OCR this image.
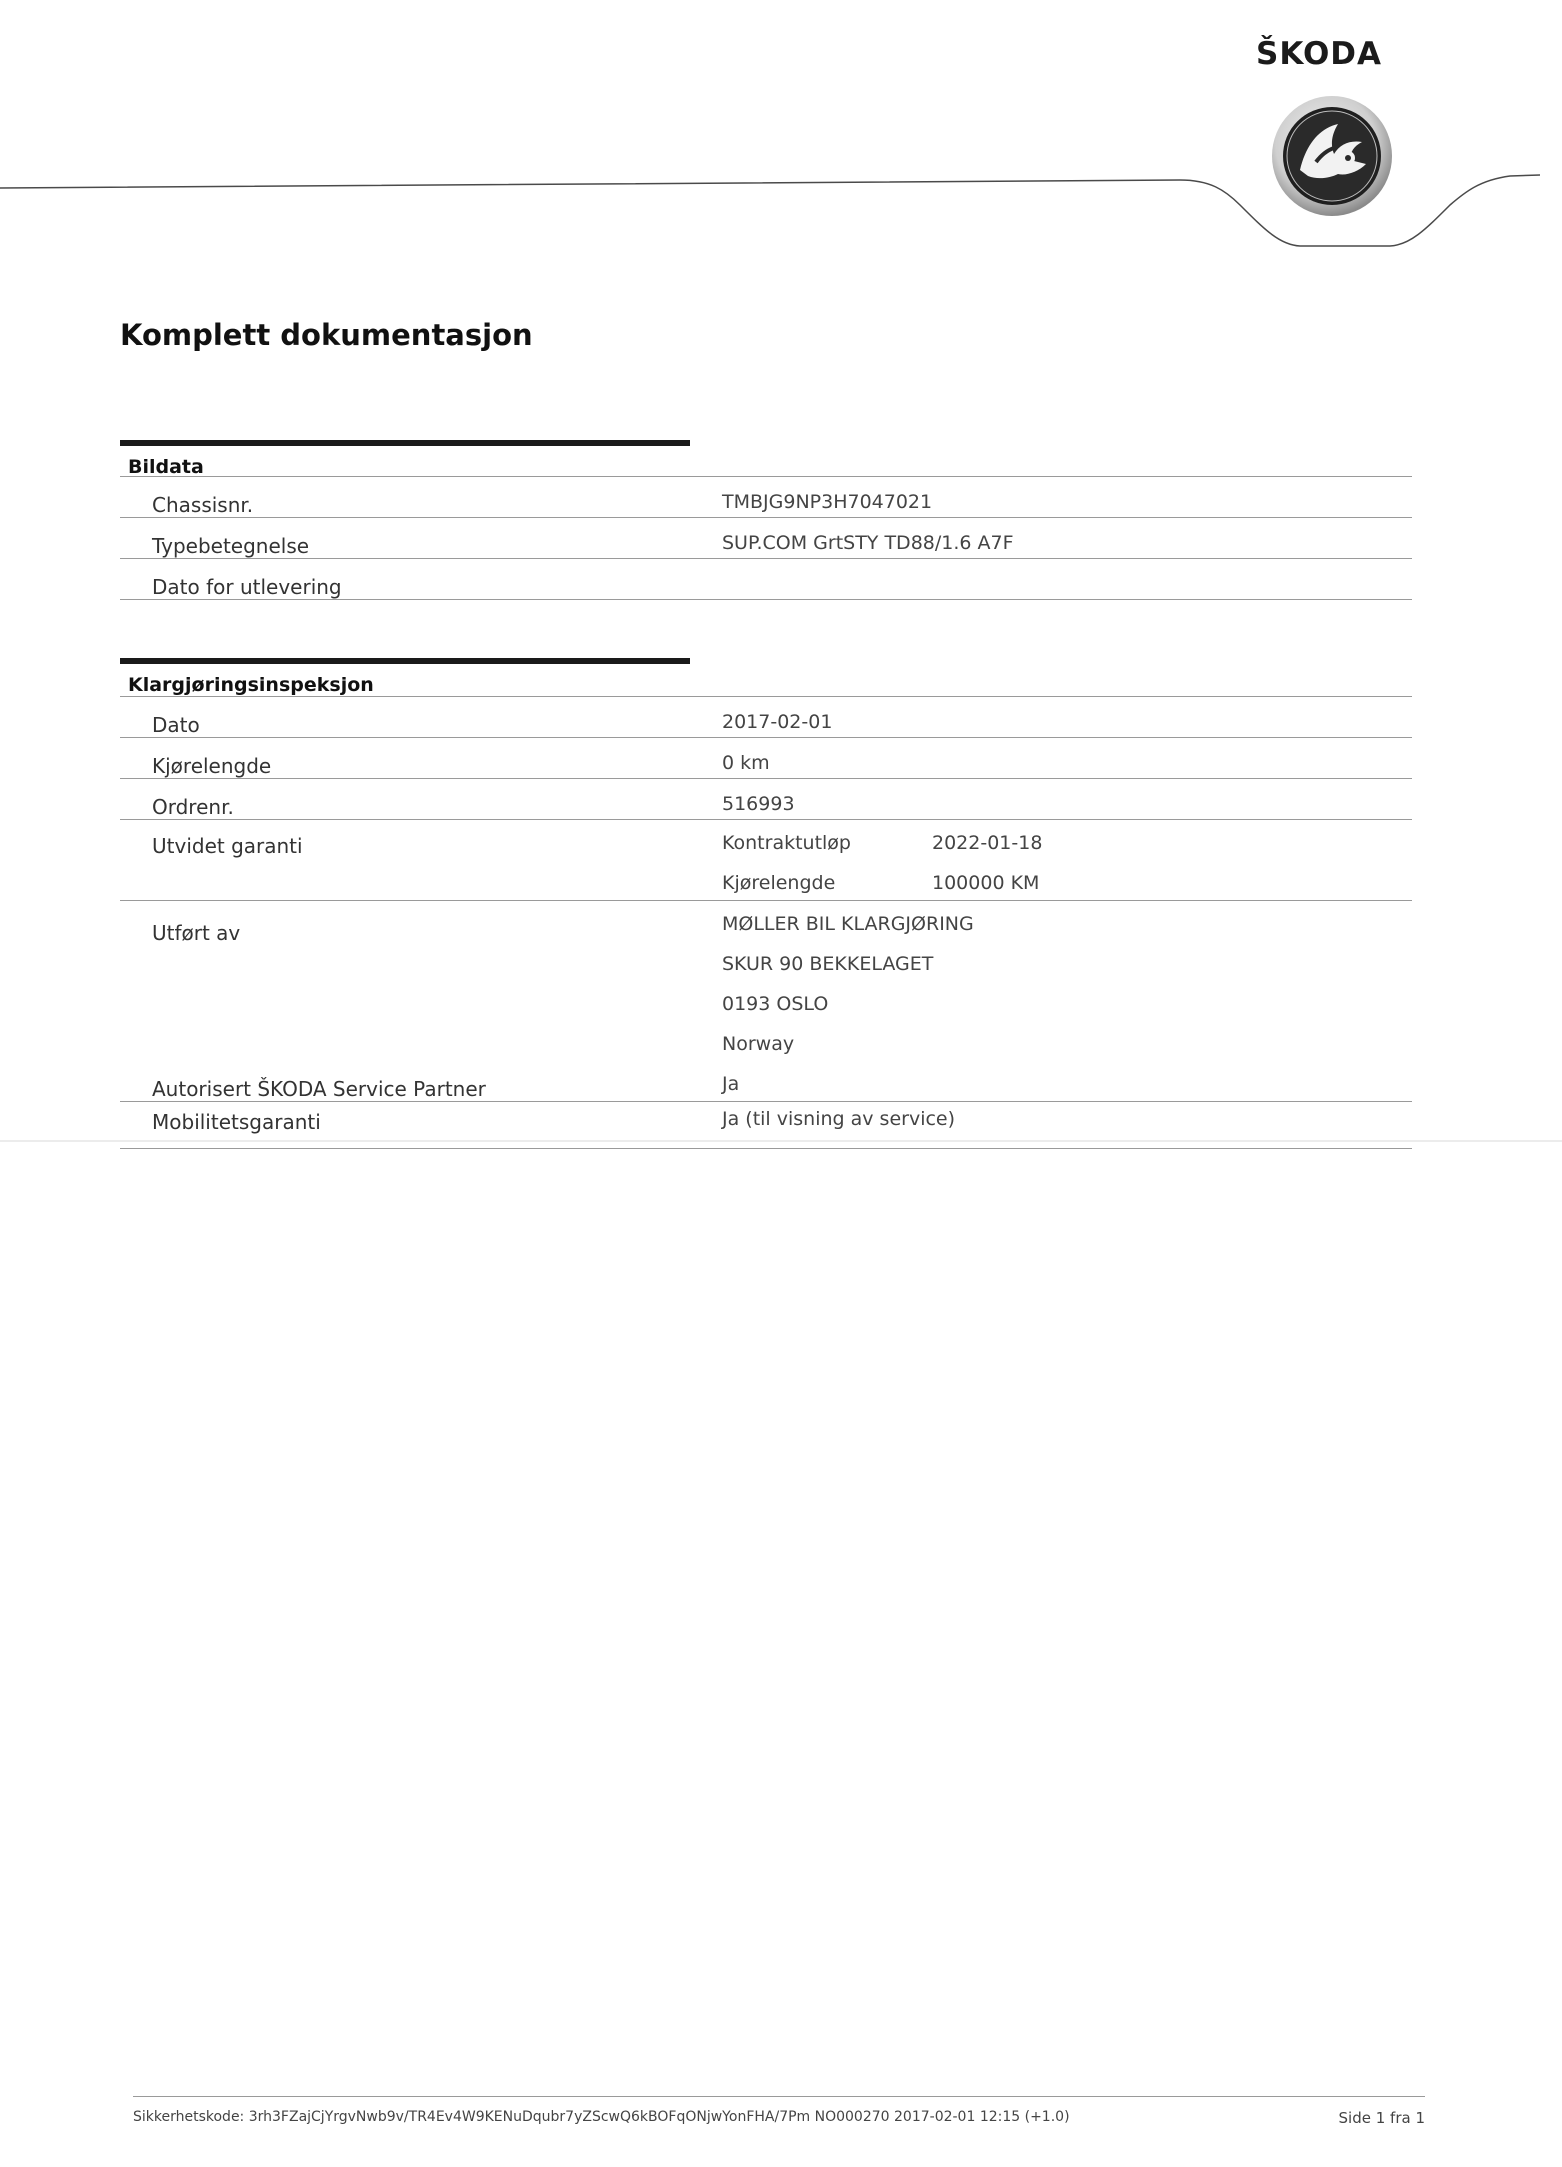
ŠKODA
Komplett dokumentasjon
Bildata
Chassisnr.	TMBJG9NP3H7047021
Typebetegnelse	SUP.COM GrtSTY TD88/1.6 A7F
Dato for utlevering
Klargjøringsinspeksjon
Dato	2017-02-01
Kjørelengde	0 km
Ordrenr.	516993
Utvidet garanti	Kontraktutløp	2022-01-18
Kjørelengde	100000 KM
Utført av	MØLLER BIL KLARGJØRING
SKUR 90 BEKKELAGET
0193 OSLO
Norway
Autorisert ŠKODA Service Partner	Ja
Mobilitetsgaranti	Ja (til visning av service)
Sikkerhetskode: 3rh3FZajCjYrgvNwb9v/TR4Ev4W9KENuDqubr7yZScwQ6kBOFqONjwYonFHA/7Pm NO000270 2017-02-01 12:15 (+1.0)	Side 1 fra 1
